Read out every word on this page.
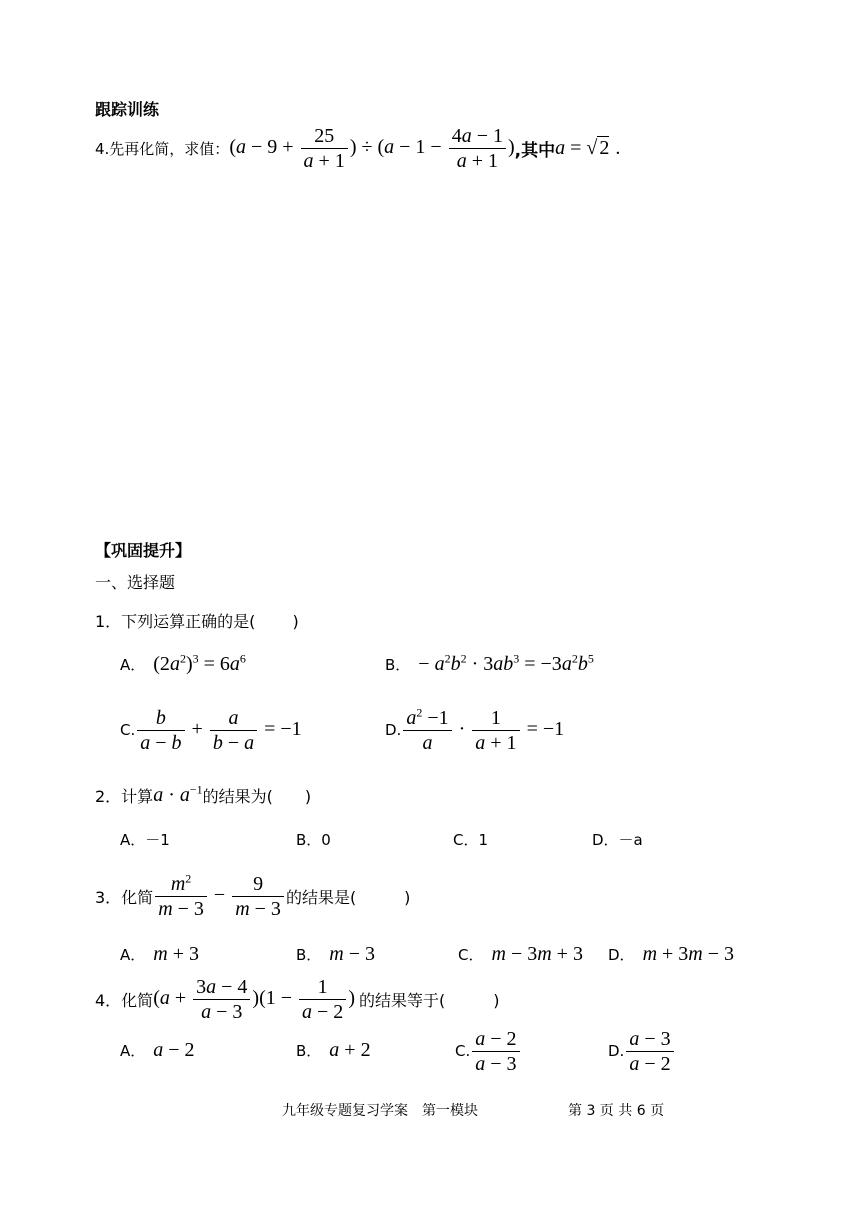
跟踪训练
4.先再化简，求值： ($a - 9 + \frac{25}{a + 1}$ ) ÷ ($a - 1 - \frac{4a - 1}{a + 1}$ ) ,其中 a = √ 2 .
【巩固提升】
一、选择题
1．下列运算正确的是(　　 )
A． $(2a^2)^3 = 6a^6$	B． − $a^2b^2 \cdot 3ab^3 = -3a^2b^5$
C. $\frac{b}{a - b} + \frac{a}{b - a} = -1$	D. $\frac{a^2 -1}{a} \cdot \frac{1}{a + 1} = -1$
2．计算 $a \cdot a^{-1}$ 的结果为(　　)
A．－1	B．0	C．1	D．－a
3．化简 $\frac{m^2}{m - 3} - \frac{9}{m - 3}$ 的结果是(　　　)
A． m + 3	B． m − 3	C． m − 3m + 3 D． m + 3m − 3
4．化简 $(a + \frac{3a - 4}{a - 3} )(1 - \frac{1}{a - 2}$ ) 的结果等于(　　　)
A． a − 2	B． a + 2	C. $\frac{a - 2}{a - 3}$	D. $\frac{a - 3}{a - 2}$
九年级专题复习学案　第一模块	第 3 页 共 6 页
